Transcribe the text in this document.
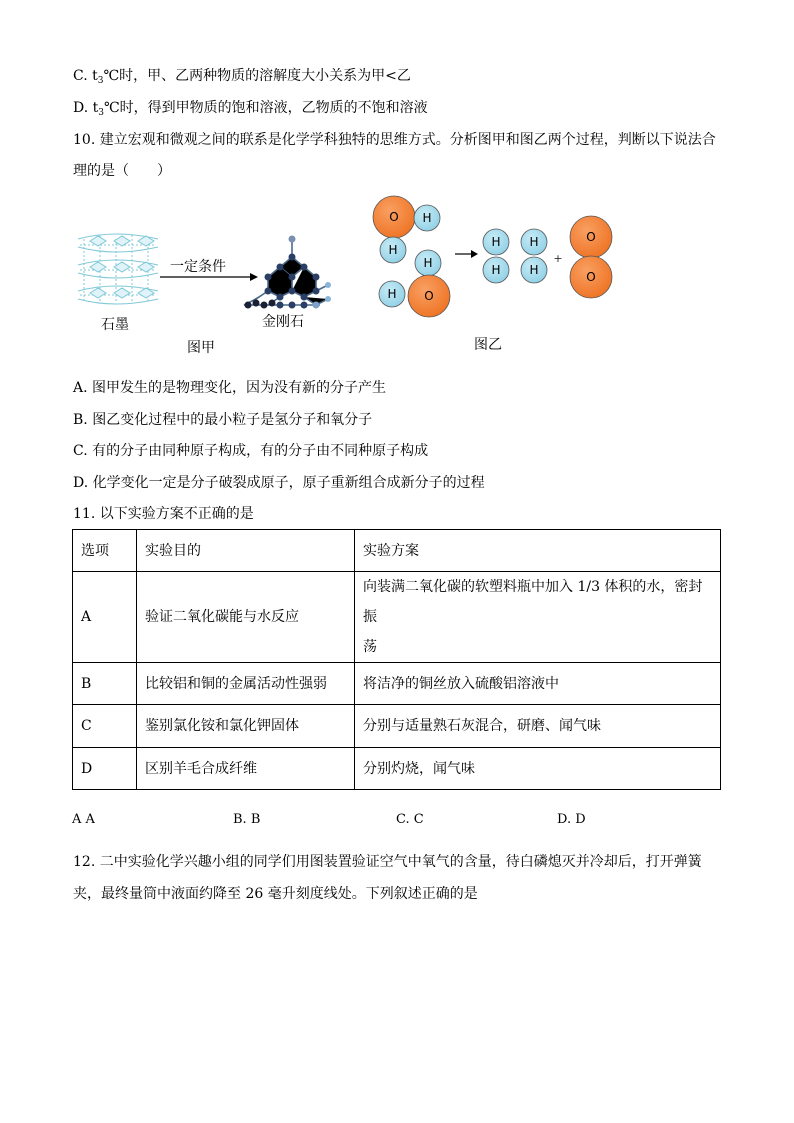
C. $t_3℃$时，甲、乙两种物质的溶解度大小关系为甲<乙
D. $t_3℃$时，得到甲物质的饱和溶液，乙物质的不饱和溶液
10. 建立宏观和微观之间的联系是化学学科独特的思维方式。分析图甲和图乙两个过程，判断以下说法合
理的是（　　）
石墨
一定条件
金刚石
图甲
O H
H
H
H O
H
H
H
H
O
O
+
图乙
A. 图甲发生的是物理变化，因为没有新的分子产生
B. 图乙变化过程中的最小粒子是氢分子和氧分子
C. 有的分子由同种原子构成，有的分子由不同种原子构成
D. 化学变化一定是分子破裂成原子，原子重新组合成新分子的过程
11. 以下实验方案不正确的是
选项	实验目的	实验方案
A	验证二氧化碳能与水反应	向装满二氧化碳的软塑料瓶中加入 1/3 体积的水，密封振
荡

B	比较铝和铜的金属活动性强弱	将洁净的铜丝放入硫酸铝溶液中
C	鉴别氯化铵和氯化钾固体	分别与适量熟石灰混合，研磨、闻气味
D	区别羊毛合成纤维	分别灼烧，闻气味
A A	B. B	C. C	D. D
12. 二中实验化学兴趣小组的同学们用图装置验证空气中氧气的含量，待白磷熄灭并冷却后，打开弹簧
夹，最终量筒中液面约降至 26 毫升刻度线处。下列叙述正确的是
